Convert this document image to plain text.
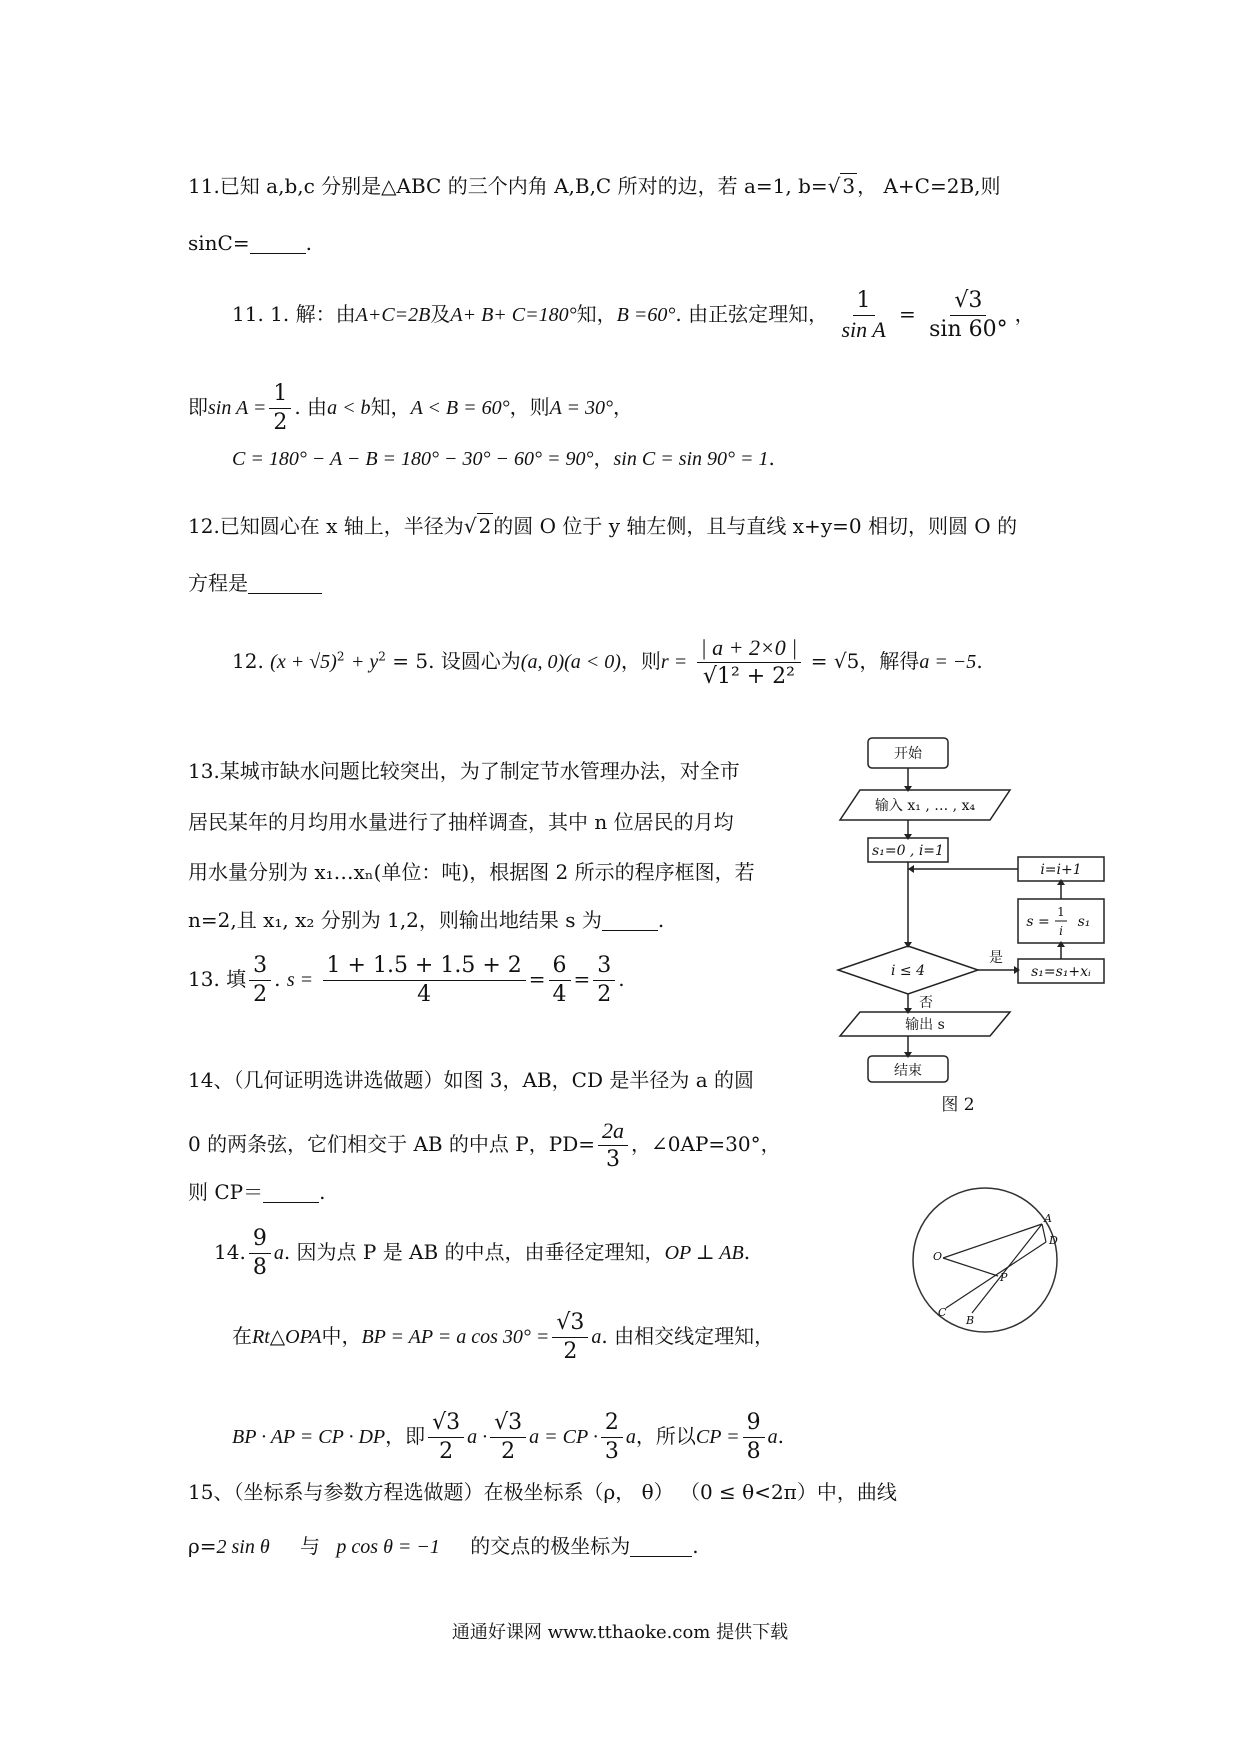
11.已知 a,b,c 分别是△ABC 的三个内角 A,B,C 所对的边，若 a=1, b=√ 3 ， A+C=2B,则
sinC=	.
11. 1. 解：由A+C=2B及A+ B+ C=180°知，B =60°. 由正弦定理知， $\frac{1}{\text{sin A}} = \frac{√3}{\sin 60^\circ}$ ，
即$\sin A = \frac{1}{2}$ . 由a < b知，A < B = 60°，则A = 30°，
C = 180° − A − B = 180° − 30° − 60° = 90°，sin C = sin 90° = 1.
12.已知圆心在 x 轴上，半径为√ 2 的圆 O 位于 y 轴左侧，且与直线 x+y=0 相切，则圆 O 的
方程是
12. $(x + √5)^2 + y^2 = 5$. 设圆心为(a, 0)(a < 0)，则$r = \frac{| a + 2\times 0 |}{\text{√1² + 2²}} = √5$，解得a = −5.
13.某城市缺水问题比较突出，为了制定节水管理办法，对全市
居民某年的月均用水量进行了抽样调查，其中 n 位居民的月均
用水量分别为 x₁…xₙ(单位：吨)，根据图 2 所示的程序框图，若
n=2,且 x₁, x₂ 分别为 1,2，则输出地结果 s 为	.
13. 填 $\frac{3}{2}$ . $s = \frac{1 + 1.5 + 1.5 + 2}{4} = \frac{6}{4} = \frac{3}{2}$ .
开始
输入 x₁ , … , x₄
s₁=0 , i=1
i ≤ 4
是
否
s₁=s₁+xᵢ
s =
1
i
s₁
i=i+1
输出 s
结束
图 2
14、（几何证明选讲选做题）如图 3，AB，CD 是半径为 a 的圆
0 的两条弦，它们相交于 AB 的中点 P，$PD= \frac{2a}{3}$ ，∠0AP=30°，
则 CP＝	.
14. $\frac{9}{8} a$. 因为点 P 是 AB 的中点，由垂径定理知，OP ⊥ AB.
在Rt△OPA中，BP = AP = a $\cos 30^\circ = \frac{√3}{2} a$. 由相交线定理知，
BP · AP = CP · DP，即 $\frac{√3}{2}$ $a \cdot \frac{√3}{2}$ a = CP · $\frac{2}{3}$ a，所以CP = $\frac{9}{8} a$.
O
A
D
P
C
B
15、（坐标系与参数方程选做题）在极坐标系（ρ， θ） （0 ≤ θ<2π）中，曲线
ρ=2 sin θ 与 p cos θ = −1 的交点的极坐标为	.
通通好课网 www.tthaoke.com 提供下载
